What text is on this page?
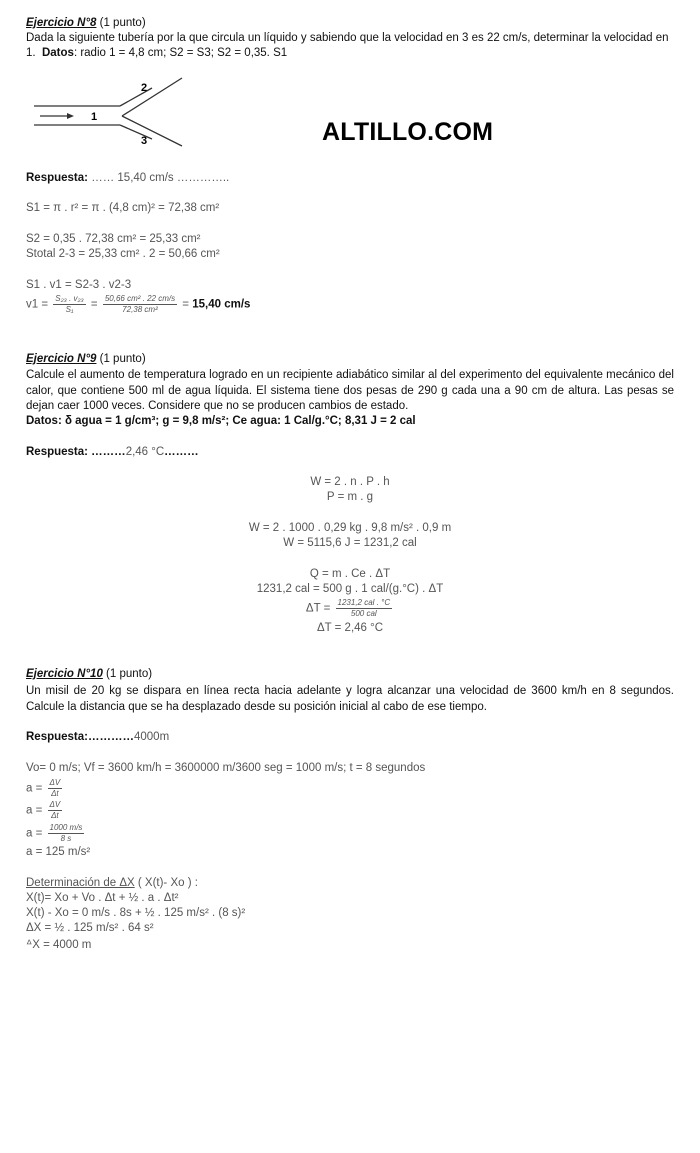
Ejercicio N°8 (1 punto)
Dada la siguiente tubería por la que circula un líquido y sabiendo que la velocidad en 3 es 22 cm/s, determinar la velocidad en
1. Datos: radio 1 = 4,8 cm; S2 = S3; S2 = 0,35. S1
1
2
3	ALTILLO.COM
Respuesta: …… 15,40 cm/s …………..
S1 = π . r² = π . (4,8 cm)² = 72,38 cm²
S2 = 0,35 . 72,38 cm² = 25,33 cm²
Stotal 2-3 = 25,33 cm² . 2 = 50,66 cm²
S1 . v1 = S2-3 . v2-3
$v1 = \frac{\text{S₂₃ . v₂₃}}{\text{S₁}} = \frac{\text{50,66 cm² . 22 cm/s}}{\text{72,38 cm²}} = 15,40$ cm/s
Ejercicio N°9 (1 punto)
Calcule el aumento de temperatura logrado en un recipiente adiabático similar al del experimento del equivalente mecánico del calor, que contiene 500 ml de agua líquida. El sistema tiene dos pesas de 290 g cada una a 90 cm de altura. Las pesas se dejan caer 1000 veces. Considere que no se producen cambios de estado.
Datos: δ agua = 1 g/cm³; g = 9,8 m/s²; Ce agua: 1 Cal/g.°C; 8,31 J = 2 cal
Respuesta: ………2,46 °C………
W = 2 . n . P . h
P = m . g
W = 2 . 1000 . 0,29 kg . 9,8 m/s² . 0,9 m
W = 5115,6 J = 1231,2 cal
Q = m . Ce . ΔT
1231,2 cal = 500 g . 1 cal/(g.°C) . ΔT
$\Delta T = \frac{\text{1231,2 cal . °C}}{\text{500 cal}}$
ΔT = 2,46 °C
Ejercicio N°10 (1 punto)
Un misil de 20 kg se dispara en línea recta hacia adelante y logra alcanzar una velocidad de 3600 km/h en 8 segundos. Calcule la distancia que se ha desplazado desde su posición inicial al cabo de ese tiempo.
Respuesta:…………4000m
Vo= 0 m/s; Vf = 3600 km/h = 3600000 m/3600 seg = 1000 m/s; t = 8 segundos
$a = \frac{\Delta V}{\Delta t}$
$a = \frac{\Delta V}{\Delta t}$
$a = \frac{1000 m/s}{8 s}$
a = 125 m/s²
Determinación de ΔX ( X(t)- Xo ) :
X(t)= Xo + Vo . Δt + ½ . a . Δt²
X(t) - Xo = 0 m/s . 8s + ½ . 125 m/s² . (8 s)²
ΔX = ½ . 125 m/s² . 64 s²
ᐞX = 4000 m
